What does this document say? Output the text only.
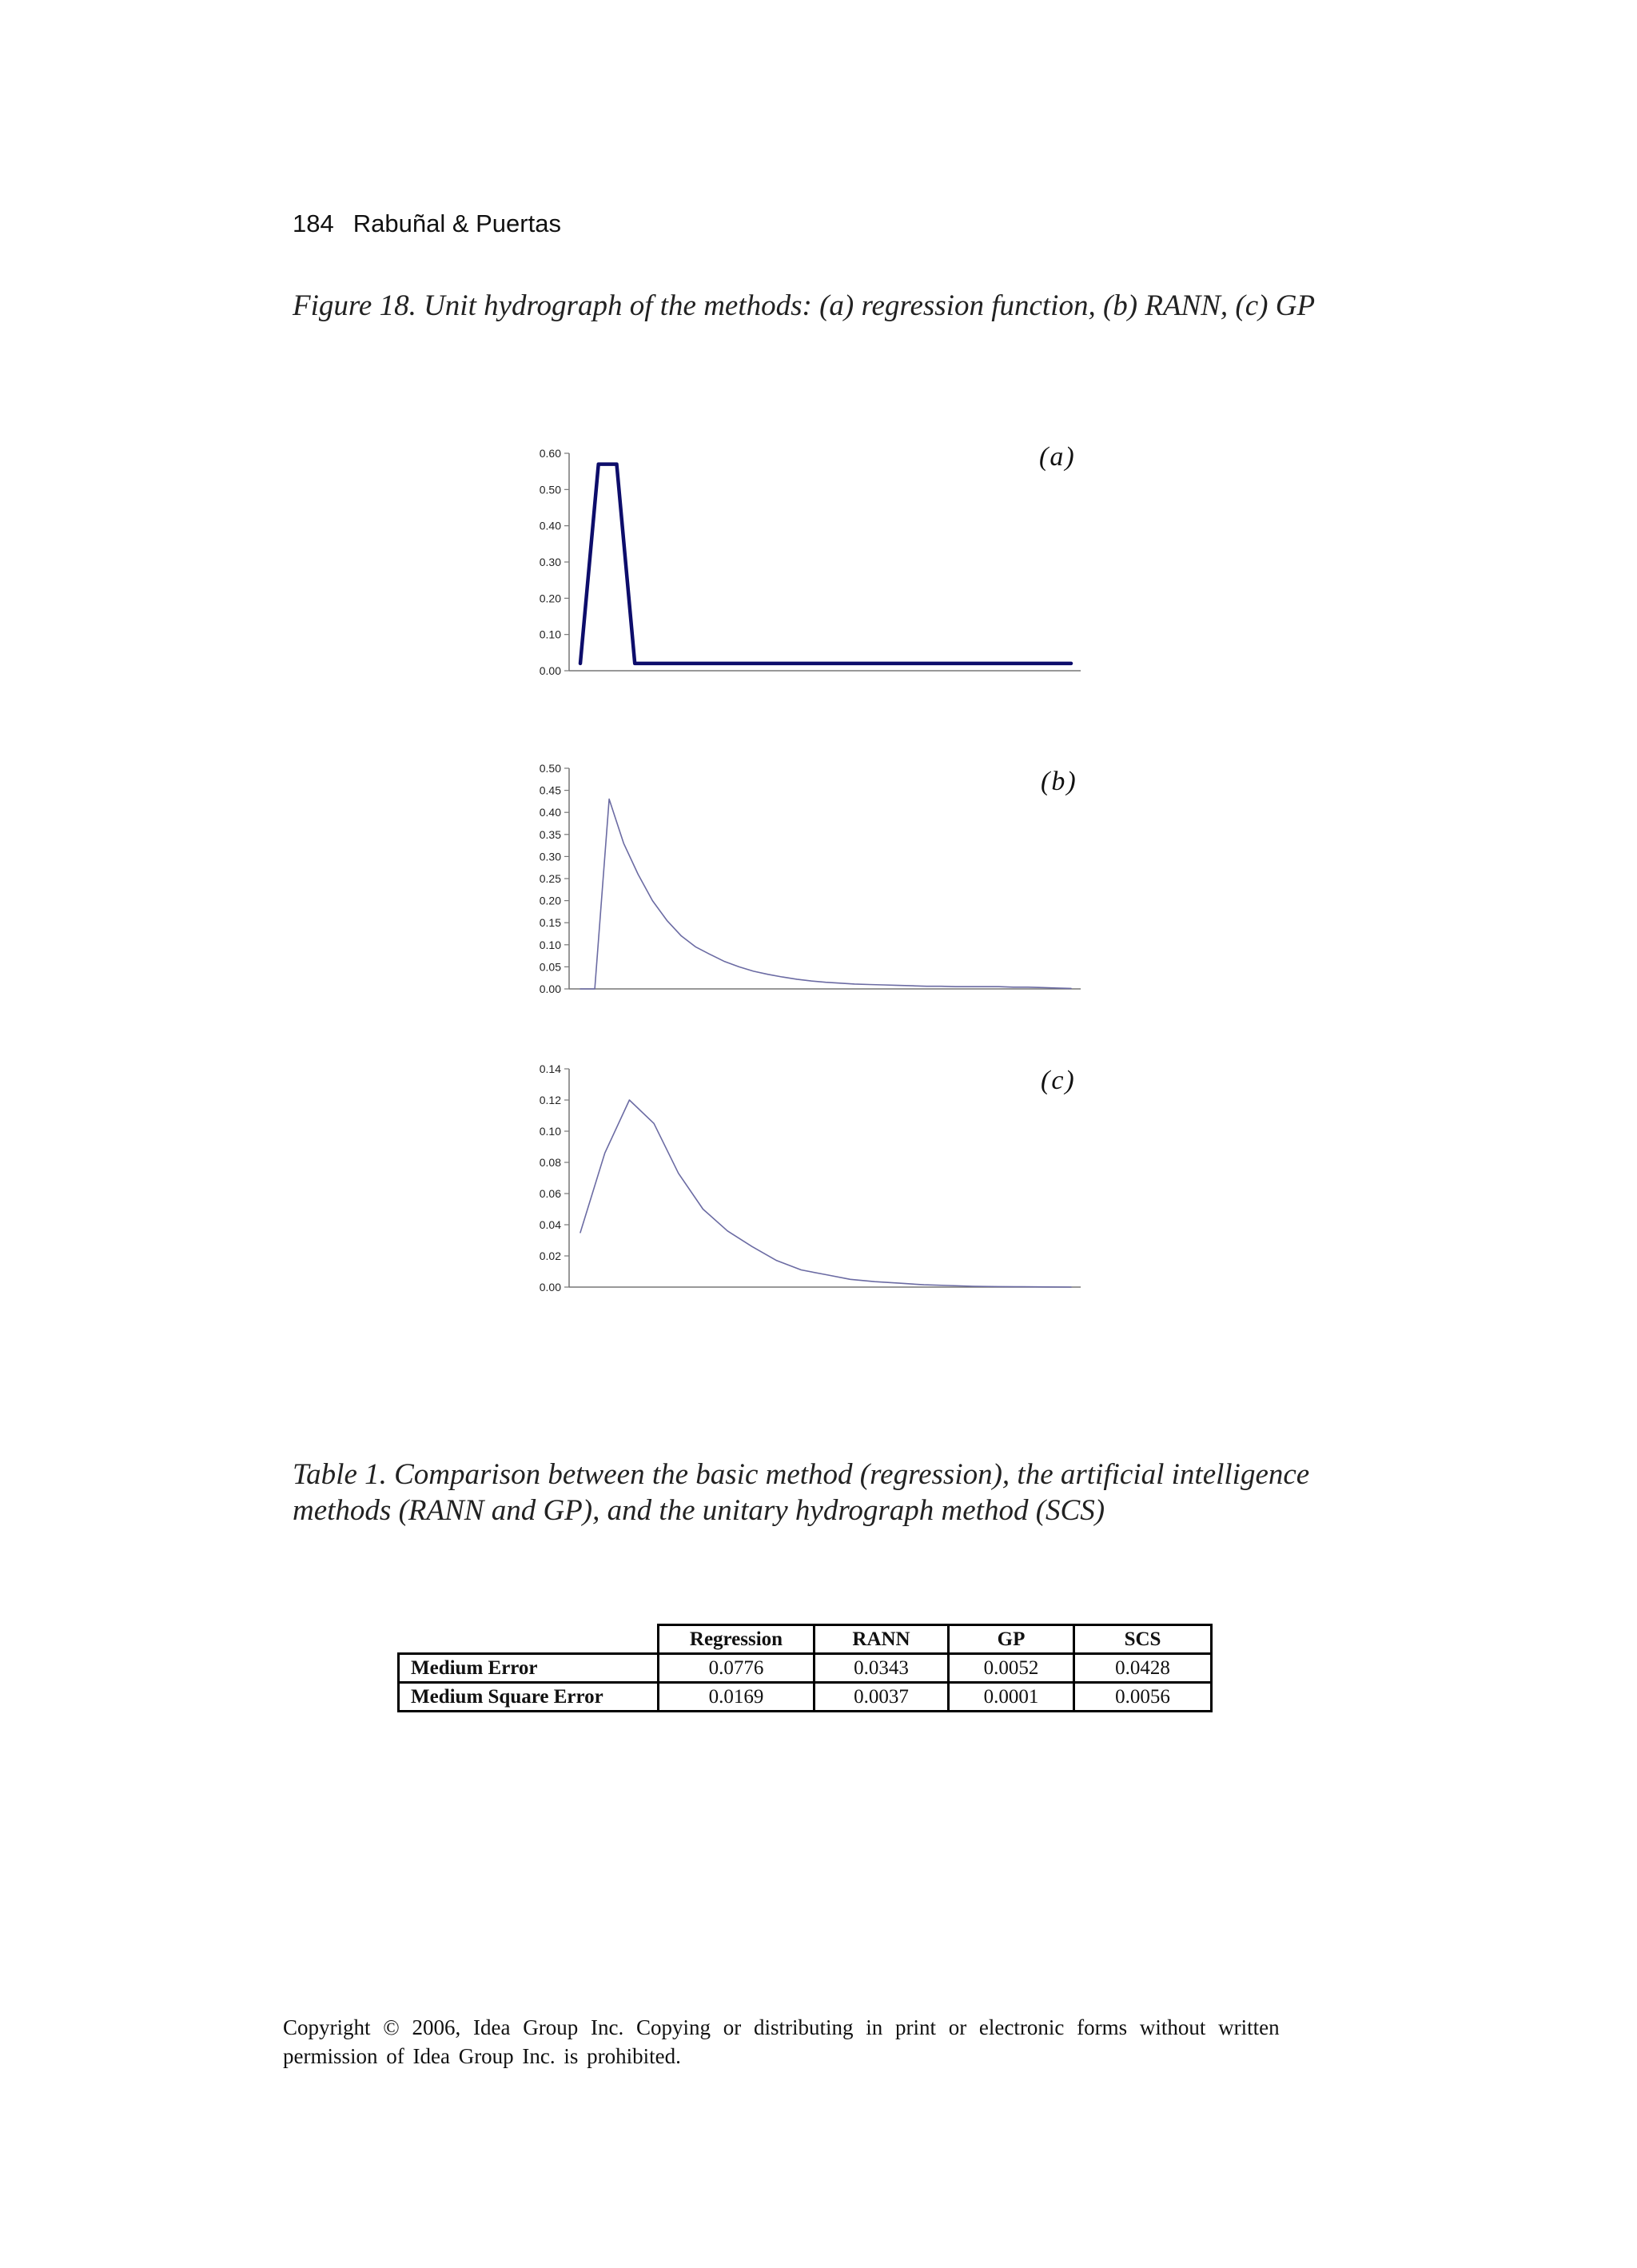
184 Rabuñal & Puertas
Figure 18. Unit hydrograph of the methods: (a) regression function, (b) RANN, (c) GP
0.00
0.10
0.20
0.30
0.40
0.50
0.60	(a)
0.00
0.05
0.10
0.15
0.20
0.25
0.30
0.35
0.40
0.45
0.50	(b)
0.00
0.02
0.04
0.06
0.08
0.10
0.12
0.14	(c)
Table 1. Comparison between the basic method (regression), the artificial intelligence
methods (RANN and GP), and the unitary hydrograph method (SCS)
	Regression	RANN	GP	SCS
Medium Error	0.0776	0.0343	0.0052	0.0428
Medium Square Error	0.0169	0.0037	0.0001	0.0056
Copyright © 2006, Idea Group Inc. Copying or distributing in print or electronic forms without written
permission of Idea Group Inc. is prohibited.
